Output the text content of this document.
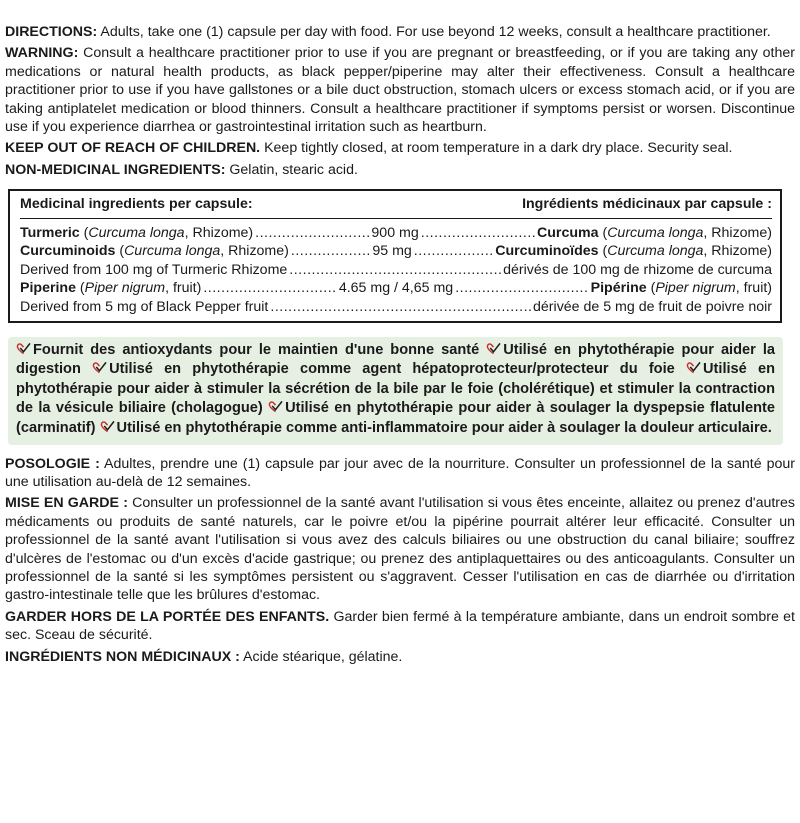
DIRECTIONS: Adults, take one (1) capsule per day with food. For use beyond 12 weeks, consult a healthcare practitioner.

WARNING: Consult a healthcare practitioner prior to use if you are pregnant or breastfeeding, or if you are taking any other medications or natural health products, as black pepper/piperine may alter their effectiveness. Consult a healthcare practitioner prior to use if you have gallstones or a bile duct obstruction, stomach ulcers or excess stomach acid, or if you are taking antiplatelet medication or blood thinners. Consult a healthcare practitioner if symptoms persist or worsen. Discontinue use if you experience diarrhea or gastrointestinal irritation such as heartburn.

KEEP OUT OF REACH OF CHILDREN. Keep tightly closed, at room temperature in a dark dry place. Security seal.

NON-MEDICINAL INGREDIENTS: Gelatin, stearic acid.

Medicinal ingredients per capsule:	Ingrédients médicinaux par capsule :
Turmeric (Curcuma longa, Rhizome) .....	900 mg .....	Curcuma (Curcuma longa, Rhizome)
Curcuminoids (Curcuma longa, Rhizome) .....	95 mg .....	Curcuminoïdes (Curcuma longa, Rhizome)
Derived from 100 mg of Turmeric Rhizome .....	dérivés de 100 mg de rhizome de curcuma
Piperine (Piper nigrum, fruit) .....	4.65 mg / 4,65 mg .....	Pipérine (Piper nigrum, fruit)
Derived from 5 mg of Black Pepper fruit .....	dérivée de 5 mg de fruit de poivre noir
Fournit des antioxydants pour le maintien d'une bonne santé Utilisé en phytothérapie pour aider la digestion Utilisé en phytothérapie comme agent hépatoprotecteur/protecteur du foie Utilisé en phytothérapie pour aider à stimuler la sécrétion de la bile par le foie (cholérétique) et stimuler la contraction de la vésicule biliaire (cholagogue) Utilisé en phytothérapie pour aider à soulager la dyspepsie flatulente (carminatif) Utilisé en phytothérapie comme anti-inflammatoire pour aider à soulager la douleur articulaire.

POSOLOGIE : Adultes, prendre une (1) capsule par jour avec de la nourriture. Consulter un professionnel de la santé pour une utilisation au-delà de 12 semaines.

MISE EN GARDE : Consulter un professionnel de la santé avant l'utilisation si vous êtes enceinte, allaitez ou prenez d'autres médicaments ou produits de santé naturels, car le poivre et/ou la pipérine pourrait altérer leur efficacité. Consulter un professionnel de la santé avant l'utilisation si vous avez des calculs biliaires ou une obstruction du canal biliaire; souffrez d'ulcères de l'estomac ou d'un excès d'acide gastrique; ou prenez des antiplaquettaires ou des anticoagulants. Consulter un professionnel de la santé si les symptômes persistent ou s'aggravent. Cesser l'utilisation en cas de diarrhée ou d'irritation gastro-intestinale telle que les brûlures d'estomac.

GARDER HORS DE LA PORTÉE DES ENFANTS. Garder bien fermé à la température ambiante, dans un endroit sombre et sec. Sceau de sécurité.

INGRÉDIENTS NON MÉDICINAUX : Acide stéarique, gélatine.
